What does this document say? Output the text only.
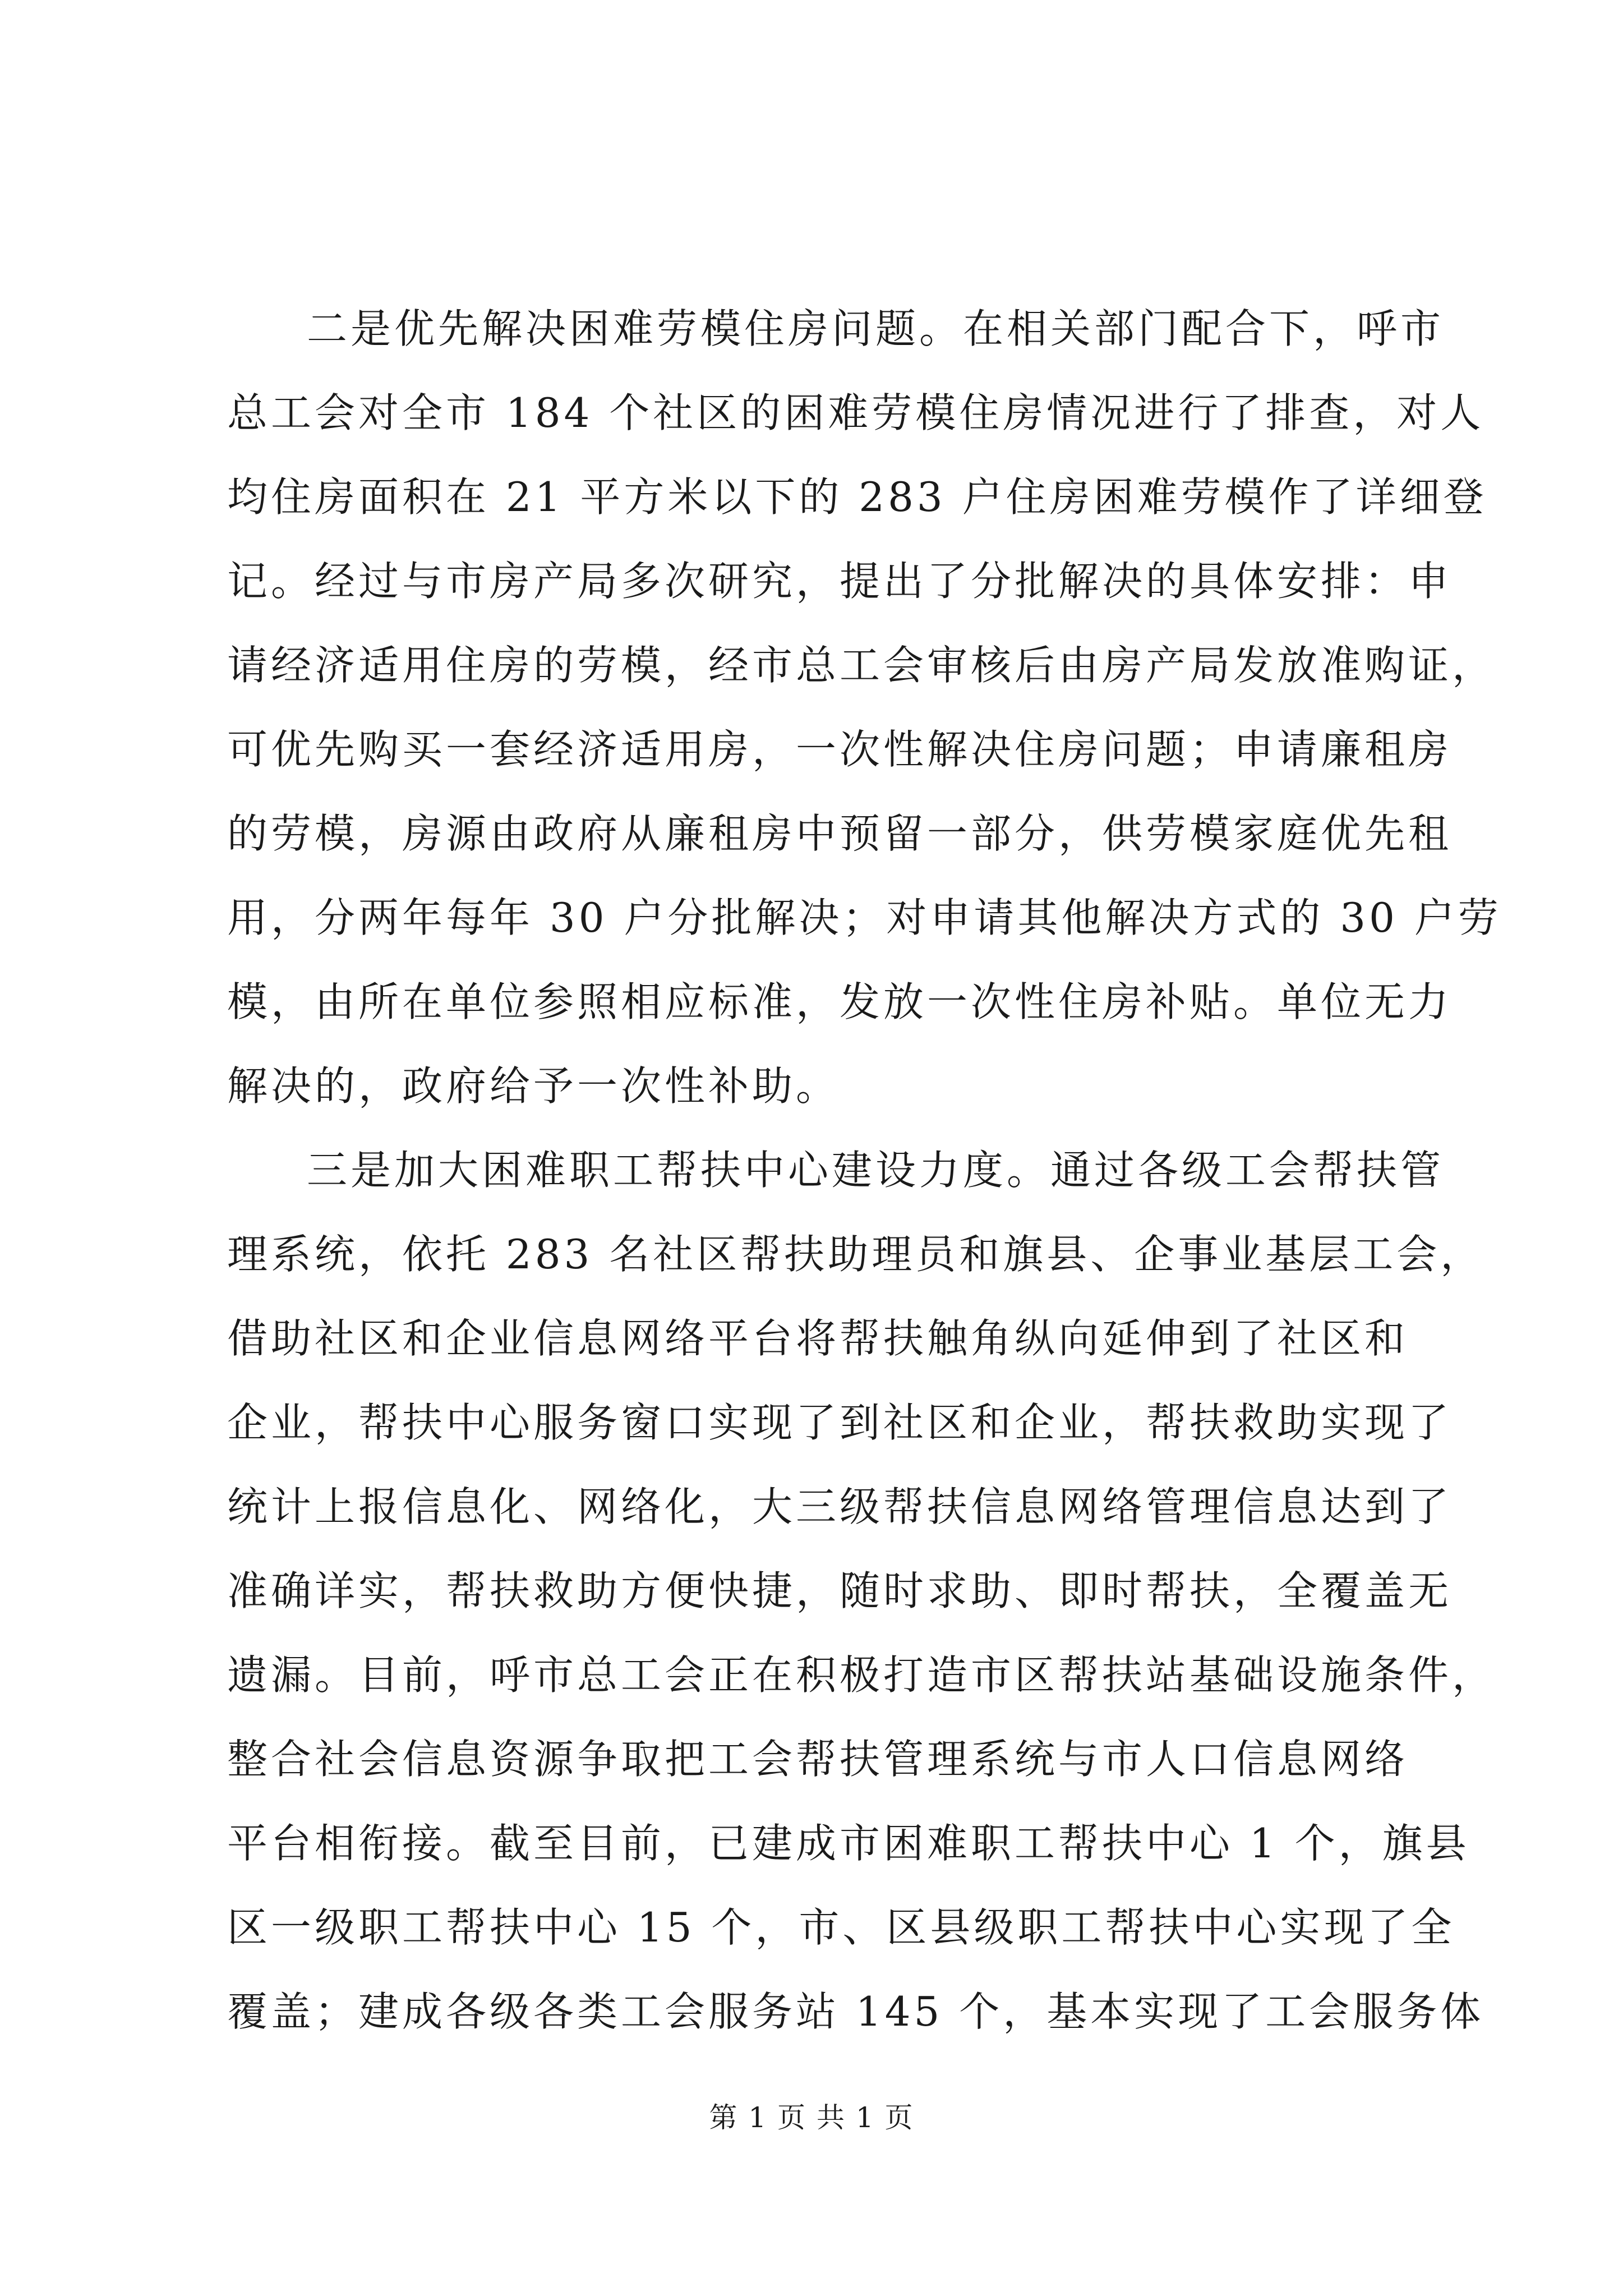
二是优先解决困难劳模住房问题。在相关部门配合下，呼市
总工会对全市 184 个社区的困难劳模住房情况进行了排查，对人
均住房面积在 21 平方米以下的 283 户住房困难劳模作了详细登
记。经过与市房产局多次研究，提出了分批解决的具体安排：申
请经济适用住房的劳模，经市总工会审核后由房产局发放准购证，
可优先购买一套经济适用房，一次性解决住房问题；申请廉租房
的劳模，房源由政府从廉租房中预留一部分，供劳模家庭优先租
用，分两年每年 30 户分批解决；对申请其他解决方式的 30 户劳
模，由所在单位参照相应标准，发放一次性住房补贴。单位无力
解决的，政府给予一次性补助。
三是加大困难职工帮扶中心建设力度。通过各级工会帮扶管
理系统，依托 283 名社区帮扶助理员和旗县、企事业基层工会，
借助社区和企业信息网络平台将帮扶触角纵向延伸到了社区和
企业，帮扶中心服务窗口实现了到社区和企业，帮扶救助实现了
统计上报信息化、网络化，大三级帮扶信息网络管理信息达到了
准确详实，帮扶救助方便快捷，随时求助、即时帮扶，全覆盖无
遗漏。目前，呼市总工会正在积极打造市区帮扶站基础设施条件，
整合社会信息资源争取把工会帮扶管理系统与市人口信息网络
平台相衔接。截至目前，已建成市困难职工帮扶中心 1 个，旗县
区一级职工帮扶中心 15 个，市、区县级职工帮扶中心实现了全
覆盖；建成各级各类工会服务站 145 个，基本实现了工会服务体
第 1 页 共 1 页
